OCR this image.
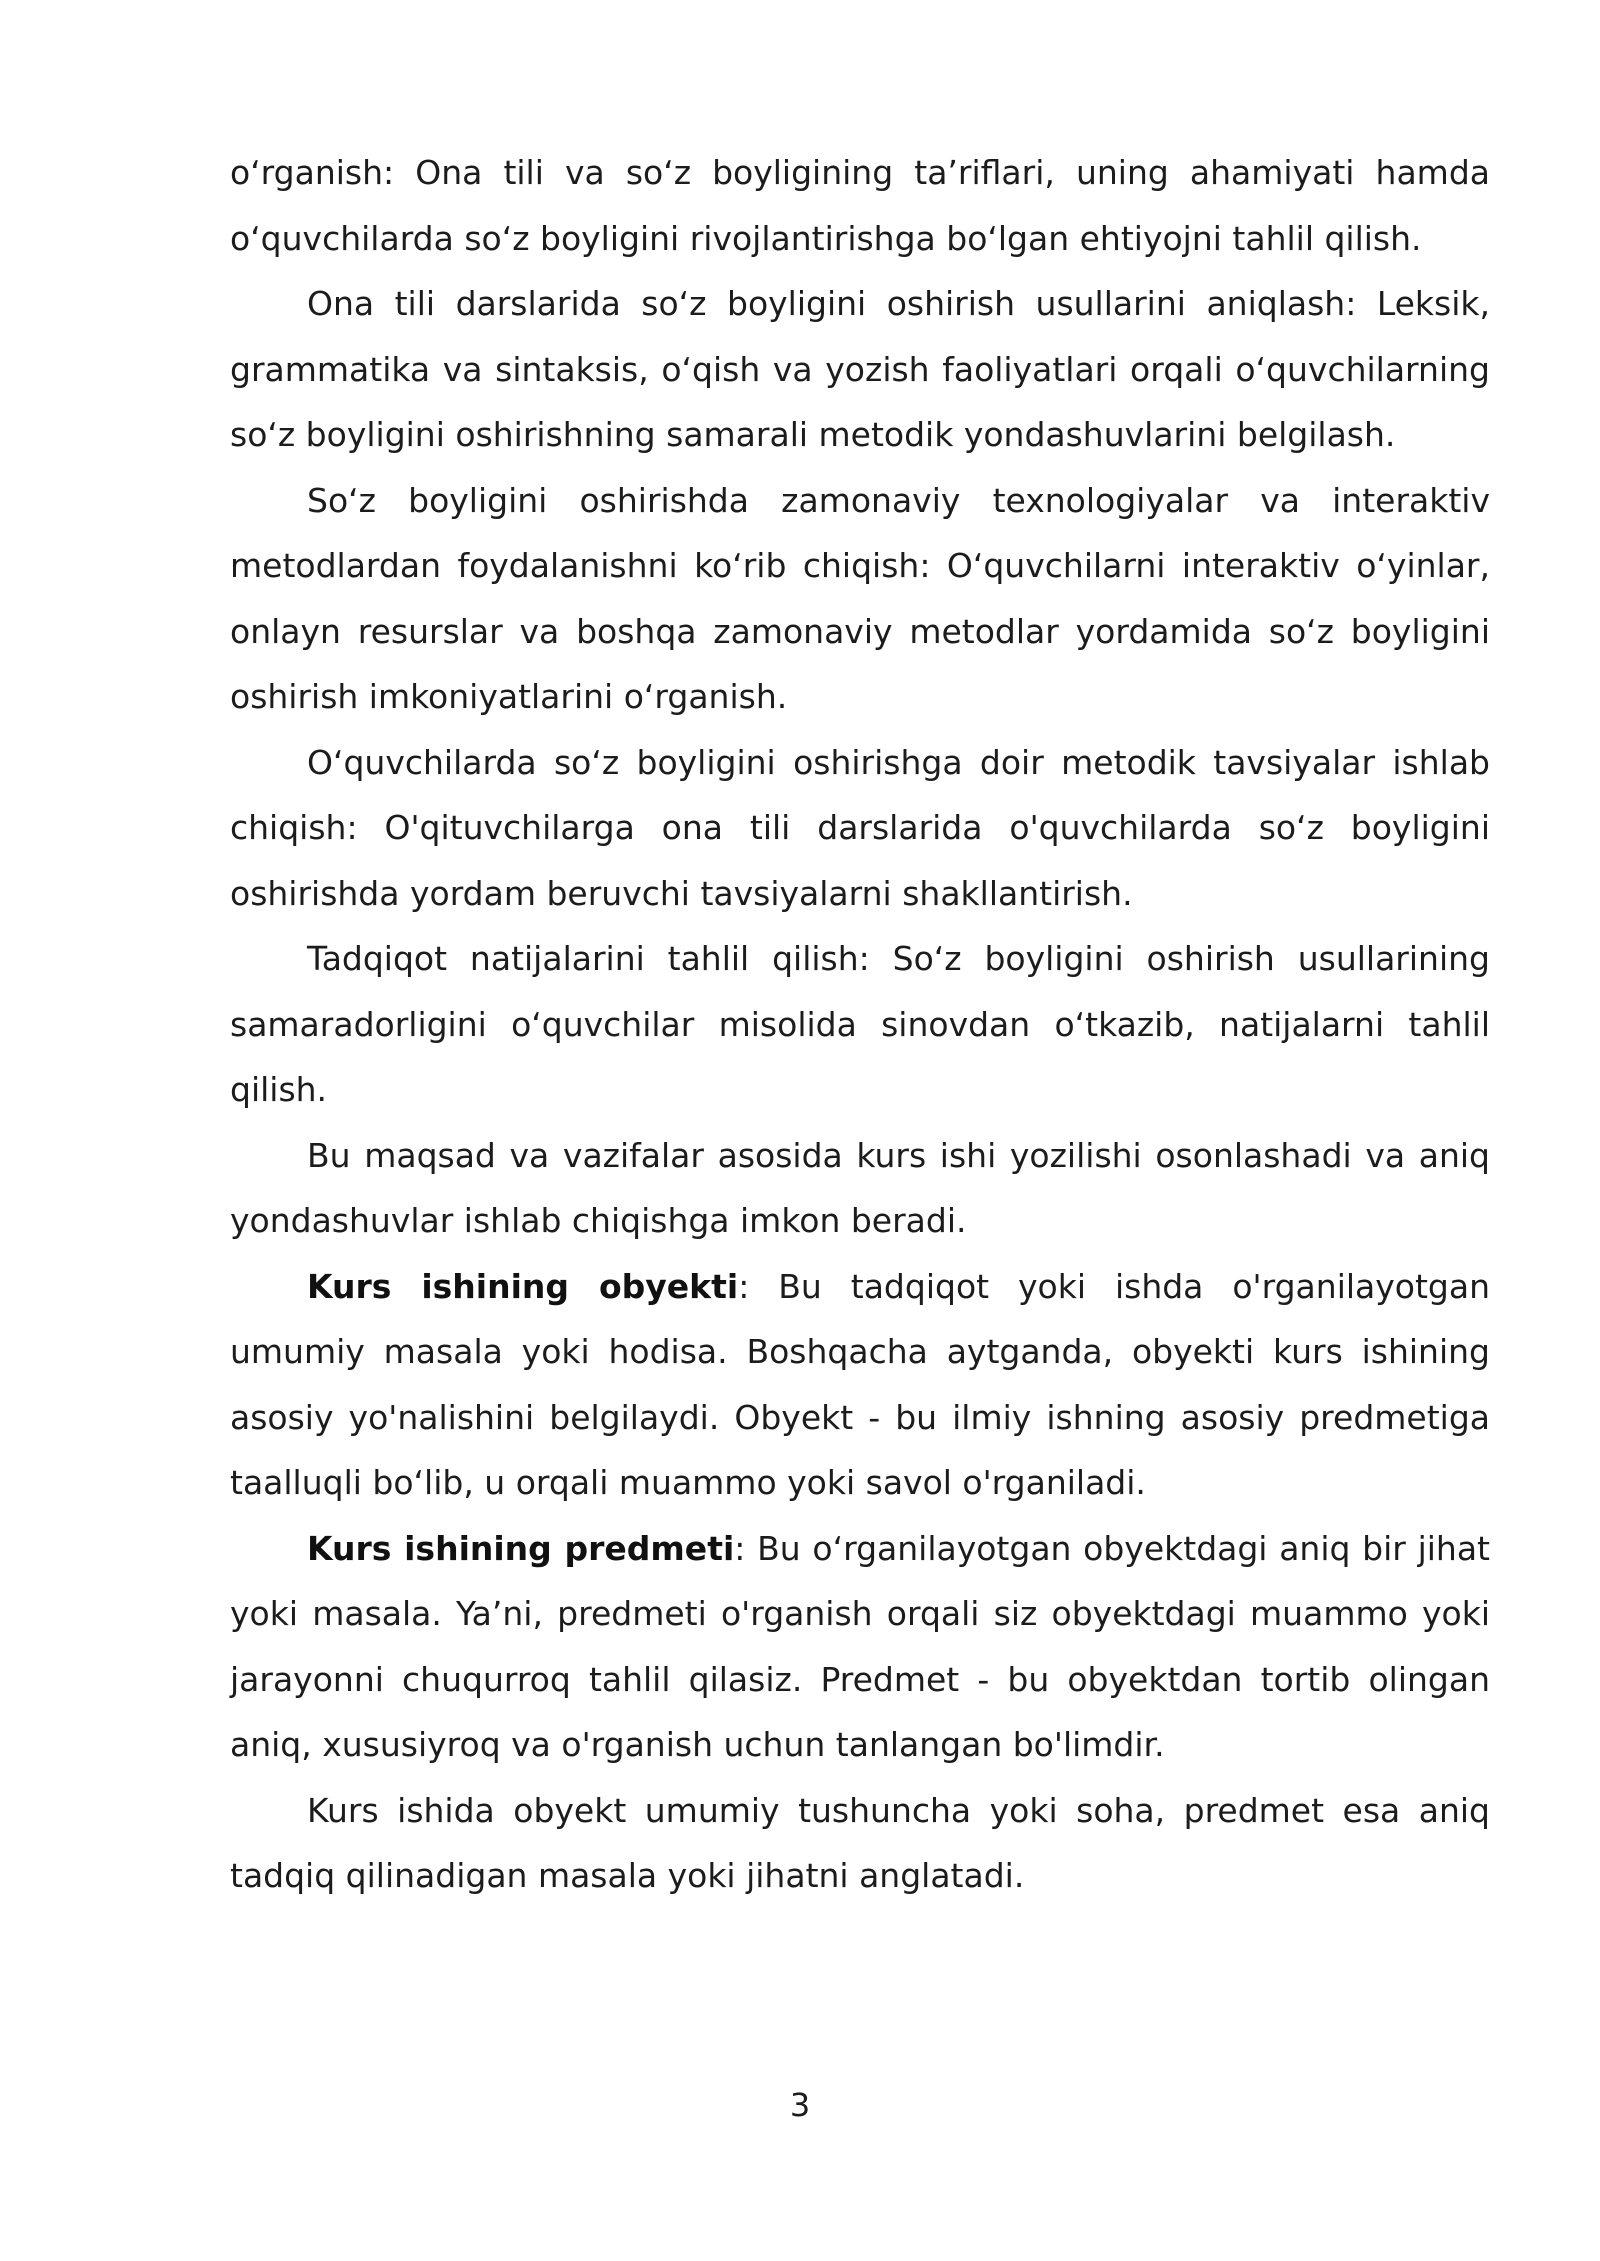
oʻrganish: Ona tili va soʻz boyligining taʼriflari, uning ahamiyati hamda oʻquvchilarda soʻz boyligini rivojlantirishga boʻlgan ehtiyojni tahlil qilish.

Ona tili darslarida soʻz boyligini oshirish usullarini aniqlash: Leksik, grammatika va sintaksis, oʻqish va yozish faoliyatlari orqali oʻquvchilarning soʻz boyligini oshirishning samarali metodik yondashuvlarini belgilash.

Soʻz boyligini oshirishda zamonaviy texnologiyalar va interaktiv metodlardan foydalanishni koʻrib chiqish: Oʻquvchilarni interaktiv oʻyinlar, onlayn resurslar va boshqa zamonaviy metodlar yordamida soʻz boyligini oshirish imkoniyatlarini oʻrganish.

Oʻquvchilarda soʻz boyligini oshirishga doir metodik tavsiyalar ishlab chiqish: O'qituvchilarga ona tili darslarida o'quvchilarda soʻz boyligini oshirishda yordam beruvchi tavsiyalarni shakllantirish.

Tadqiqot natijalarini tahlil qilish: Soʻz boyligini oshirish usullarining samaradorligini oʻquvchilar misolida sinovdan oʻtkazib, natijalarni tahlil qilish.

Bu maqsad va vazifalar asosida kurs ishi yozilishi osonlashadi va aniq yondashuvlar ishlab chiqishga imkon beradi.

Kurs ishining obyekti: Bu tadqiqot yoki ishda o'rganilayotgan umumiy masala yoki hodisa. Boshqacha aytganda, obyekti kurs ishining asosiy yo'nalishini belgilaydi. Obyekt - bu ilmiy ishning asosiy predmetiga taalluqli boʻlib, u orqali muammo yoki savol o'rganiladi.

Kurs ishining predmeti: Bu oʻrganilayotgan obyektdagi aniq bir jihat yoki masala. Yaʼni, predmeti o'rganish orqali siz obyektdagi muammo yoki jarayonni chuqurroq tahlil qilasiz. Predmet - bu obyektdan tortib olingan aniq, xususiyroq va o'rganish uchun tanlangan bo'limdir.

Kurs ishida obyekt umumiy tushuncha yoki soha, predmet esa aniq tadqiq qilinadigan masala yoki jihatni anglatadi.

3
